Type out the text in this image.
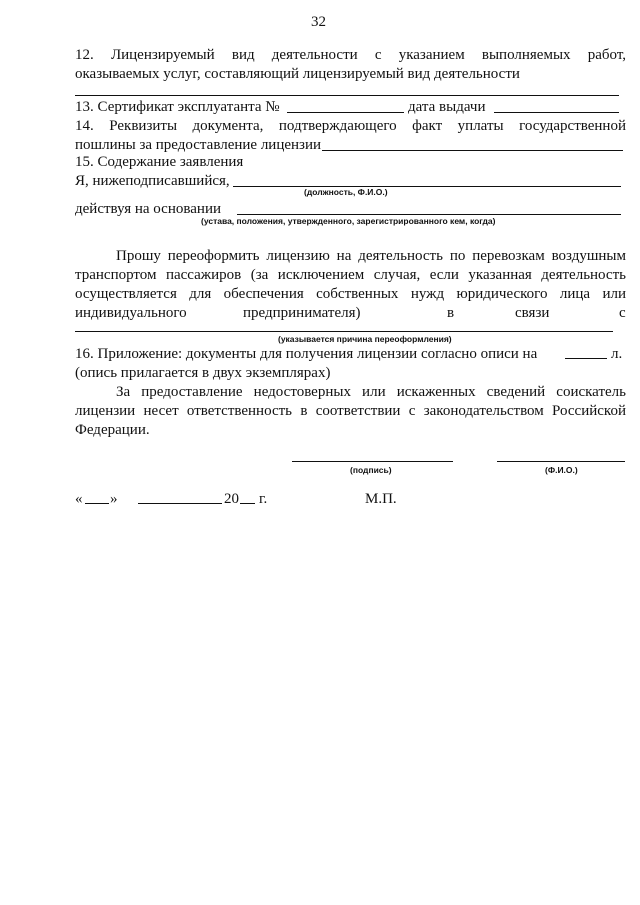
32
12. Лицензируемый вид деятельности с указанием выполняемых работ,
оказываемых услуг, составляющий лицензируемый вид деятельности
13. Сертификат эксплуатанта №	дата выдачи
14. Реквизиты документа, подтверждающего факт уплаты государственной
пошлины за предоставление лицензии
15. Содержание заявления
Я, нижеподписавшийся,
(должность, Ф.И.О.)
действуя на основании
(устава, положения, утвержденного, зарегистрированного кем, когда)
Прошу переоформить лицензию на деятельность по перевозкам воздушным
транспортом пассажиров (за исключением случая, если указанная деятельность
осуществляется для обеспечения собственных нужд юридического лица или
индивидуального	предпринимателя)	в	связи	с
(указывается причина переоформления)
16. Приложение: документы для получения лицензии согласно описи на	л.
(опись прилагается в двух экземплярах)
За предоставление недостоверных или искаженных сведений соискатель
лицензии несет ответственность в соответствии с законодательством Российской
Федерации.
(подпись)	(Ф.И.О.)
« »	20 г.	М.П.
